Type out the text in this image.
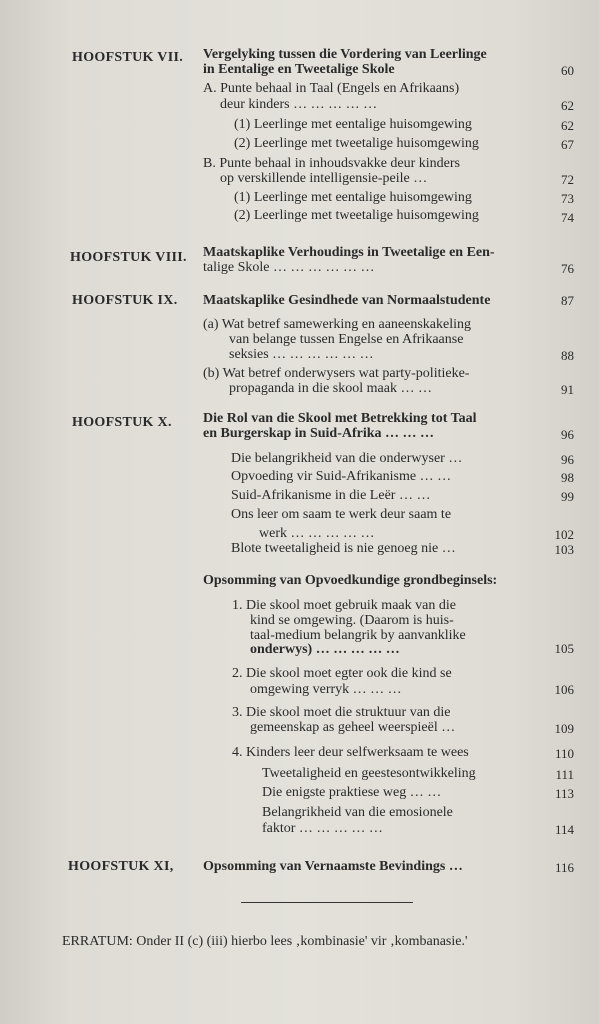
HOOFSTUK VII. Vergelyking tussen die Vordering van Leerlinge
in Eentalige en Tweetalige Skole
A. Punte behaal in Taal (Engels en Afrikaans)
deur kinders … … … … …
(1) Leerlinge met eentalige huisomgewing
(2) Leerlinge met tweetalige huisomgewing
B. Punte behaal in inhoudsvakke deur kinders
op verskillende intelligensie-peile …
(1) Leerlinge met eentalige huisomgewing
(2) Leerlinge met tweetalige huisomgewing
HOOFSTUK VIII. Maatskaplike Verhoudings in Tweetalige en Een-
talige Skole … … … … … …
HOOFSTUK IX. Maatskaplike Gesindhede van Normaalstudente
(a) Wat betref samewerking en aaneenskakeling
van belange tussen Engelse en Afrikaanse
seksies … … … … … …
(b) Wat betref onderwysers wat party-politieke-
propaganda in die skool maak … …
HOOFSTUK X. Die Rol van die Skool met Betrekking tot Taal
en Burgerskap in Suid-Afrika … … …
Die belangrikheid van die onderwyser …
Opvoeding vir Suid-Afrikanisme … …
Suid-Afrikanisme in die Leër … …
Ons leer om saam te werk deur saam te
werk … … … … …
Blote tweetaligheid is nie genoeg nie …
Opsomming van Opvoedkundige grondbeginsels:
1. Die skool moet gebruik maak van die
kind se omgewing. (Daarom is huis-
taal-medium belangrik by aanvanklike
onderwys) … … … … …
2. Die skool moet egter ook die kind se
omgewing verryk … … …
3. Die skool moet die struktuur van die
gemeenskap as geheel weerspieël …
4. Kinders leer deur selfwerksaam te wees
Tweetaligheid en geestesontwikkeling
Die enigste praktiese weg … …
Belangrikheid van die emosionele
faktor … … … … …
HOOFSTUK XI, Opsomming van Vernaamste Bevindings …
ERRATUM: Onder II (c) (iii) hierbo lees ‚kombinasie' vir ‚kombanasie.'
60
62
62
67
72
73
74
76
87
88
91
96
96
98
99
102
103
105
106
109
110
111
113
114
116
